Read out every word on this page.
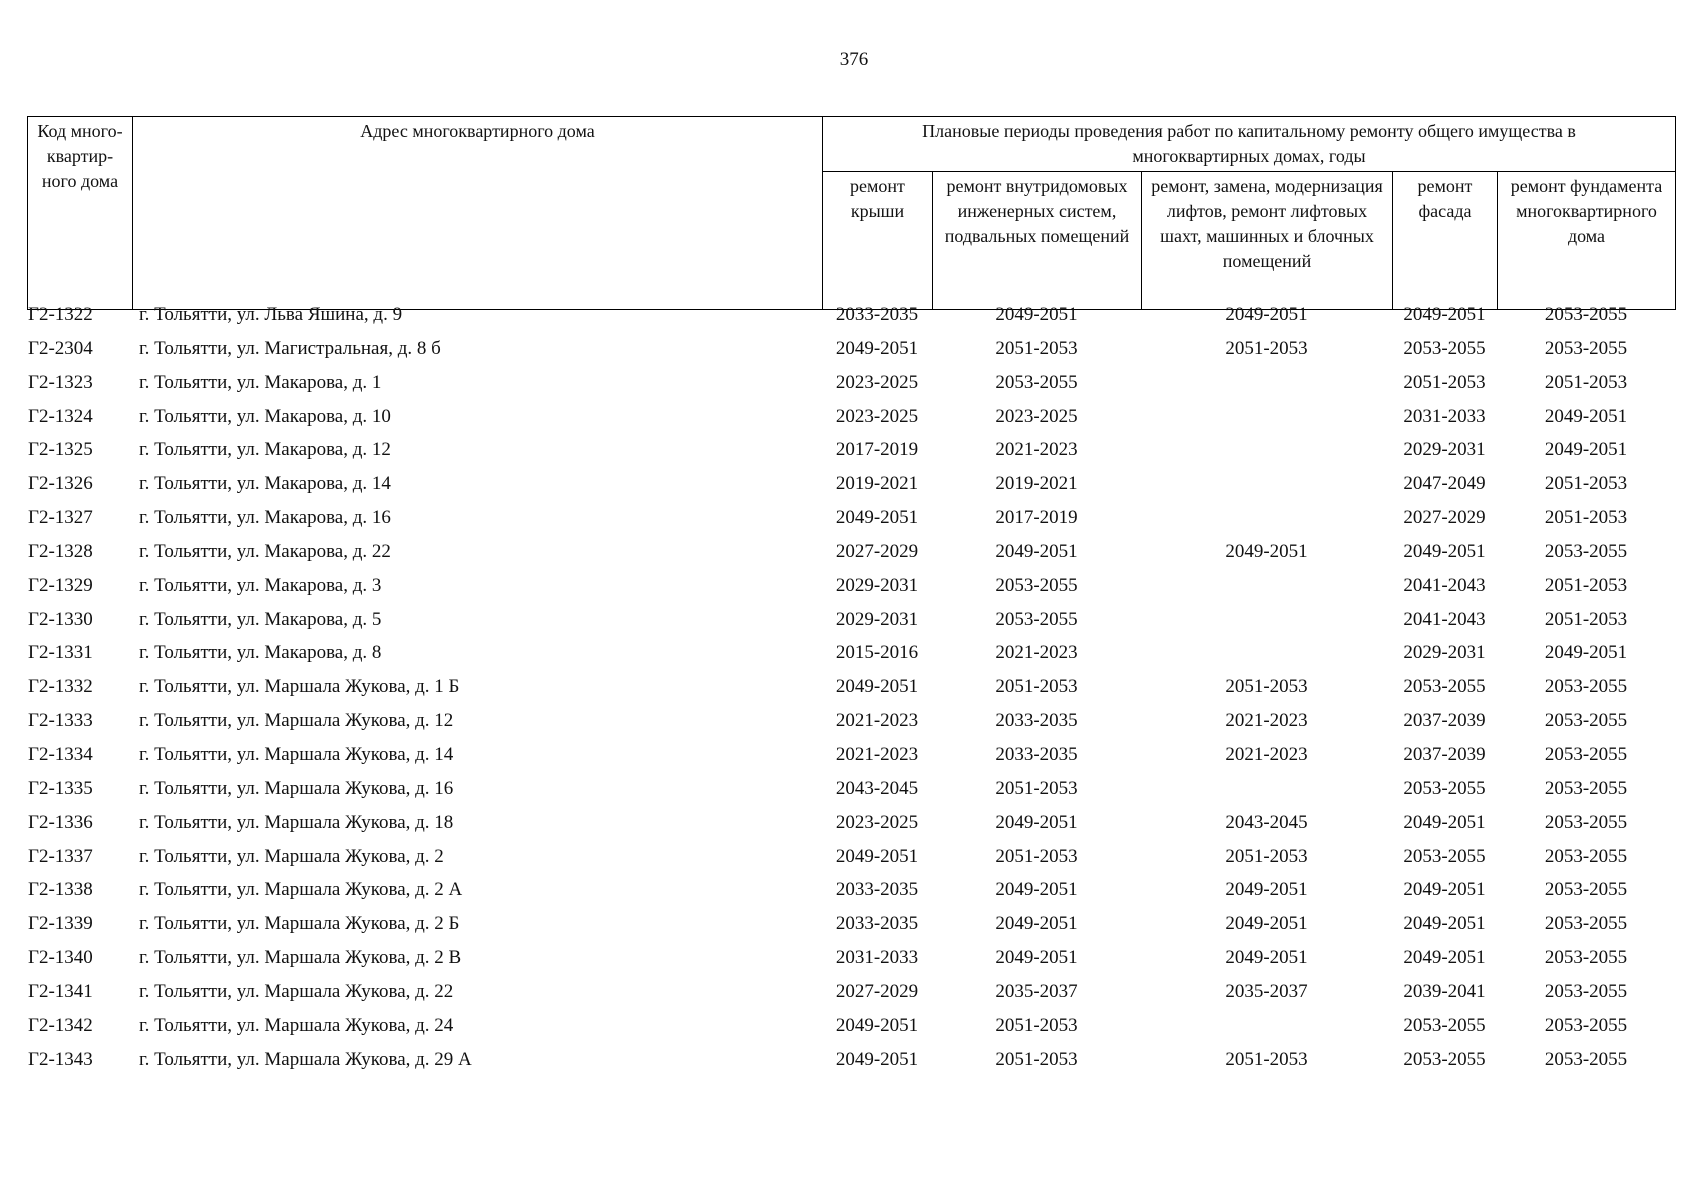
376
Код много-квартир-ного дома	Адрес многоквартирного дома	Плановые периоды проведения работ по капитальному ремонту общего имущества в многоквартирных домах, годы				
		ремонт крыши	ремонт внутридомовых инженерных систем, подвальных помещений	ремонт, замена, модернизация лифтов, ремонт лифтовых шахт, машинных и блочных помещений	ремонт фасада	ремонт фундамента многоквартирного дома
Г2-1322	г. Тольятти, ул. Льва Яшина, д. 9	2033-2035	2049-2051	2049-2051	2049-2051	2053-2055
Г2-2304	г. Тольятти, ул. Магистральная, д. 8 б	2049-2051	2051-2053	2051-2053	2053-2055	2053-2055
Г2-1323	г. Тольятти, ул. Макарова, д. 1	2023-2025	2053-2055		2051-2053	2051-2053
Г2-1324	г. Тольятти, ул. Макарова, д. 10	2023-2025	2023-2025		2031-2033	2049-2051
Г2-1325	г. Тольятти, ул. Макарова, д. 12	2017-2019	2021-2023		2029-2031	2049-2051
Г2-1326	г. Тольятти, ул. Макарова, д. 14	2019-2021	2019-2021		2047-2049	2051-2053
Г2-1327	г. Тольятти, ул. Макарова, д. 16	2049-2051	2017-2019		2027-2029	2051-2053
Г2-1328	г. Тольятти, ул. Макарова, д. 22	2027-2029	2049-2051	2049-2051	2049-2051	2053-2055
Г2-1329	г. Тольятти, ул. Макарова, д. 3	2029-2031	2053-2055		2041-2043	2051-2053
Г2-1330	г. Тольятти, ул. Макарова, д. 5	2029-2031	2053-2055		2041-2043	2051-2053
Г2-1331	г. Тольятти, ул. Макарова, д. 8	2015-2016	2021-2023		2029-2031	2049-2051
Г2-1332	г. Тольятти, ул. Маршала Жукова, д. 1 Б	2049-2051	2051-2053	2051-2053	2053-2055	2053-2055
Г2-1333	г. Тольятти, ул. Маршала Жукова, д. 12	2021-2023	2033-2035	2021-2023	2037-2039	2053-2055
Г2-1334	г. Тольятти, ул. Маршала Жукова, д. 14	2021-2023	2033-2035	2021-2023	2037-2039	2053-2055
Г2-1335	г. Тольятти, ул. Маршала Жукова, д. 16	2043-2045	2051-2053		2053-2055	2053-2055
Г2-1336	г. Тольятти, ул. Маршала Жукова, д. 18	2023-2025	2049-2051	2043-2045	2049-2051	2053-2055
Г2-1337	г. Тольятти, ул. Маршала Жукова, д. 2	2049-2051	2051-2053	2051-2053	2053-2055	2053-2055
Г2-1338	г. Тольятти, ул. Маршала Жукова, д. 2 А	2033-2035	2049-2051	2049-2051	2049-2051	2053-2055
Г2-1339	г. Тольятти, ул. Маршала Жукова, д. 2 Б	2033-2035	2049-2051	2049-2051	2049-2051	2053-2055
Г2-1340	г. Тольятти, ул. Маршала Жукова, д. 2 В	2031-2033	2049-2051	2049-2051	2049-2051	2053-2055
Г2-1341	г. Тольятти, ул. Маршала Жукова, д. 22	2027-2029	2035-2037	2035-2037	2039-2041	2053-2055
Г2-1342	г. Тольятти, ул. Маршала Жукова, д. 24	2049-2051	2051-2053		2053-2055	2053-2055
Г2-1343	г. Тольятти, ул. Маршала Жукова, д. 29 А	2049-2051	2051-2053	2051-2053	2053-2055	2053-2055
